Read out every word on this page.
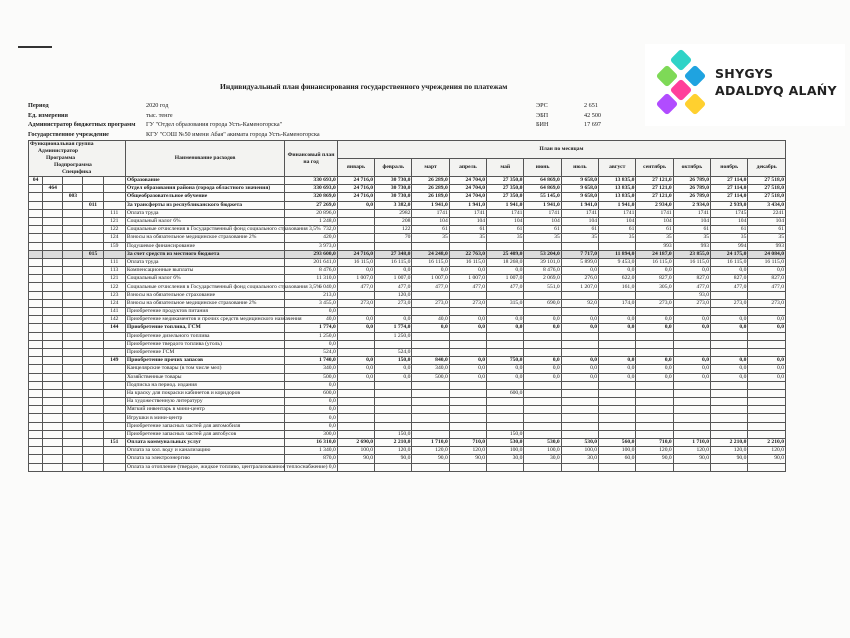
Индивидуальный план финансирования государственного учреждения по платежам
SHYGYS
ADALDYQ ALAŃY
Период	2020 год	ЭРС	2 651
Ед. измерения	тыс. тенге	ЭБП	42 500
Администратор бюджетных программ ГУ "Отдел образования города Усть-Каменогорска"	БИН	17 697
Государственное учреждение	КГУ "СОШ №50 имени Абая" акимата города Усть-Каменогорска
Функциональная группа
Администратор
Программа
Подпрограмма
Специфика					Наименование расходов	Финансовый план на год	План по месяцам											
							январь	февраль	март	апрель	май	июнь	июль	август	сентябрь	октябрь	ноябрь	декабрь
04					Образование	330 693,0	24 716,0	30 730,0	26 289,0	24 704,0	27 350,0	64 869,0	9 658,0	13 835,0	27 121,0	26 789,0	27 114,0	27 518,0
	464				Отдел образования района (города областного значения)	330 693,0	24 716,0	30 730,0	26 289,0	24 704,0	27 350,0	64 869,0	9 658,0	13 835,0	27 121,0	26 789,0	27 114,0	27 518,0
		003			Общеобразовательное обучение	320 869,0	24 716,0	30 730,0	26 189,0	24 704,0	27 350,0	55 145,0	9 658,0	13 835,0	27 121,0	26 789,0	27 114,0	27 518,0
			011		За трансферты из республиканского бюджета	27 269,0	0,0	3 382,0	1 941,0	1 941,0	1 941,0	1 941,0	1 941,0	1 941,0	2 934,0	2 934,0	2 939,0	3 434,0
				111	Оплата труда	20 896,0		2982	1741	1741	1741	1741	1741	1741	1741	1741	1745	2241
				121	Социальный налог 6%	1 248,0		208	104	104	104	104	104	104	104	104	104	104
				122	Социальные отчисления в Государственный фонд социального страхования 3,5%	732,0		122	61	61	61	61	61	61	61	61	61	61
				124	Взносы на обязательное медицинское страхование 2%	420,0		70	35	35	35	35	35	35	35	35	35	35
				159	Подушевое финансирование	3 973,0									993	993	994	993
			015		За счет средств из местного бюджета	293 600,0	24 716,0	27 348,0	24 248,0	22 763,0	25 409,0	53 204,0	7 717,0	11 894,0	24 187,0	23 855,0	24 175,0	24 084,0
				111	Оплата труда	201 641,0	16 115,0	16 115,0	16 115,0	16 115,0	18 268,0	39 101,0	5 899,0	9 453,0	16 115,0	16 115,0	16 115,0	16 115,0
				113	Компенсационные выплаты	8 476,0	0,0	0,0	0,0	0,0	0,0	8 476,0	0,0	0,0	0,0	0,0	0,0	0,0
				121	Социальный налог 6%	11 310,0	1 007,0	1 007,0	1 007,0	1 007,0	1 007,0	2 069,0	276,0	622,0	827,0	827,0	827,0	827,0
				122	Социальные отчисления в Государственный фонд социального страхования 3,5%	6 040,0	477,0	477,0	477,0	477,0	477,0	551,0	1 207,0	161,0	305,0	477,0	477,0	477,0
				123	Взносы на обязательное страхование	213,0		120,0								93,0		
				124	Взносы на обязательное медицинское страхование 2%	3 455,0	273,0	273,0	273,0	273,0	315,0	690,0	92,0	174,0	273,0	273,0	273,0	273,0
				141	Приобретение продуктов питания	0,0												
				142	Приобретение медикаментов и прочих средств медицинского назначения	40,0	0,0	0,0	40,0	0,0	0,0	0,0	0,0	0,0	0,0	0,0	0,0	0,0
				144	Приобретение топлива, ГСМ	1 774,0	0,0	1 774,0	0,0	0,0	0,0	0,0	0,0	0,0	0,0	0,0	0,0	0,0
					Приобретение дизельного топлива	1 250,0		1 250,0										
					Приобретение твердого топлива (уголь)	0,0												
					Приобретение ГСМ	524,0		524,0										
				149	Приобретение прочих запасов	1 740,0	0,0	150,0	840,0	0,0	750,0	0,0	0,0	0,0	0,0	0,0	0,0	0,0
					Канцелярские товары (в том числе мел)	340,0	0,0	0,0	340,0	0,0	0,0	0,0	0,0	0,0	0,0	0,0	0,0	0,0
					Хозяйственные товары	500,0	0,0	0,0	500,0	0,0	0,0	0,0	0,0	0,0	0,0	0,0	0,0	0,0
					Подписка на период. издания	0,0												
					На краску для покраски кабинетов и коридоров	600,0					600,0							
					На художественную литературу	0,0												
					Мягкий инвентарь в мини-центр	0,0												
					Игрушки в мини-центр	0,0												
					Приобретение запасных частей для автомобиля	0,0												
					Приобретение запасных частей для автобусов	300,0		150,0			150,0							
				151	Оплата коммунальных услуг	16 310,0	2 690,0	2 210,0	1 710,0	710,0	530,0	530,0	530,0	560,0	710,0	1 710,0	2 210,0	2 210,0
					Оплата за хол. воду и канализацию	1 340,0	100,0	120,0	120,0	120,0	100,0	100,0	100,0	100,0	120,0	120,0	120,0	120,0
					Оплата за электроэнергию	870,0	90,0	90,0	90,0	90,0	30,0	30,0	30,0	60,0	90,0	90,0	90,0	90,0
					Оплата за отопление (твердое, жидкое топливо, централизованное теплоснабжение)	0,0												
